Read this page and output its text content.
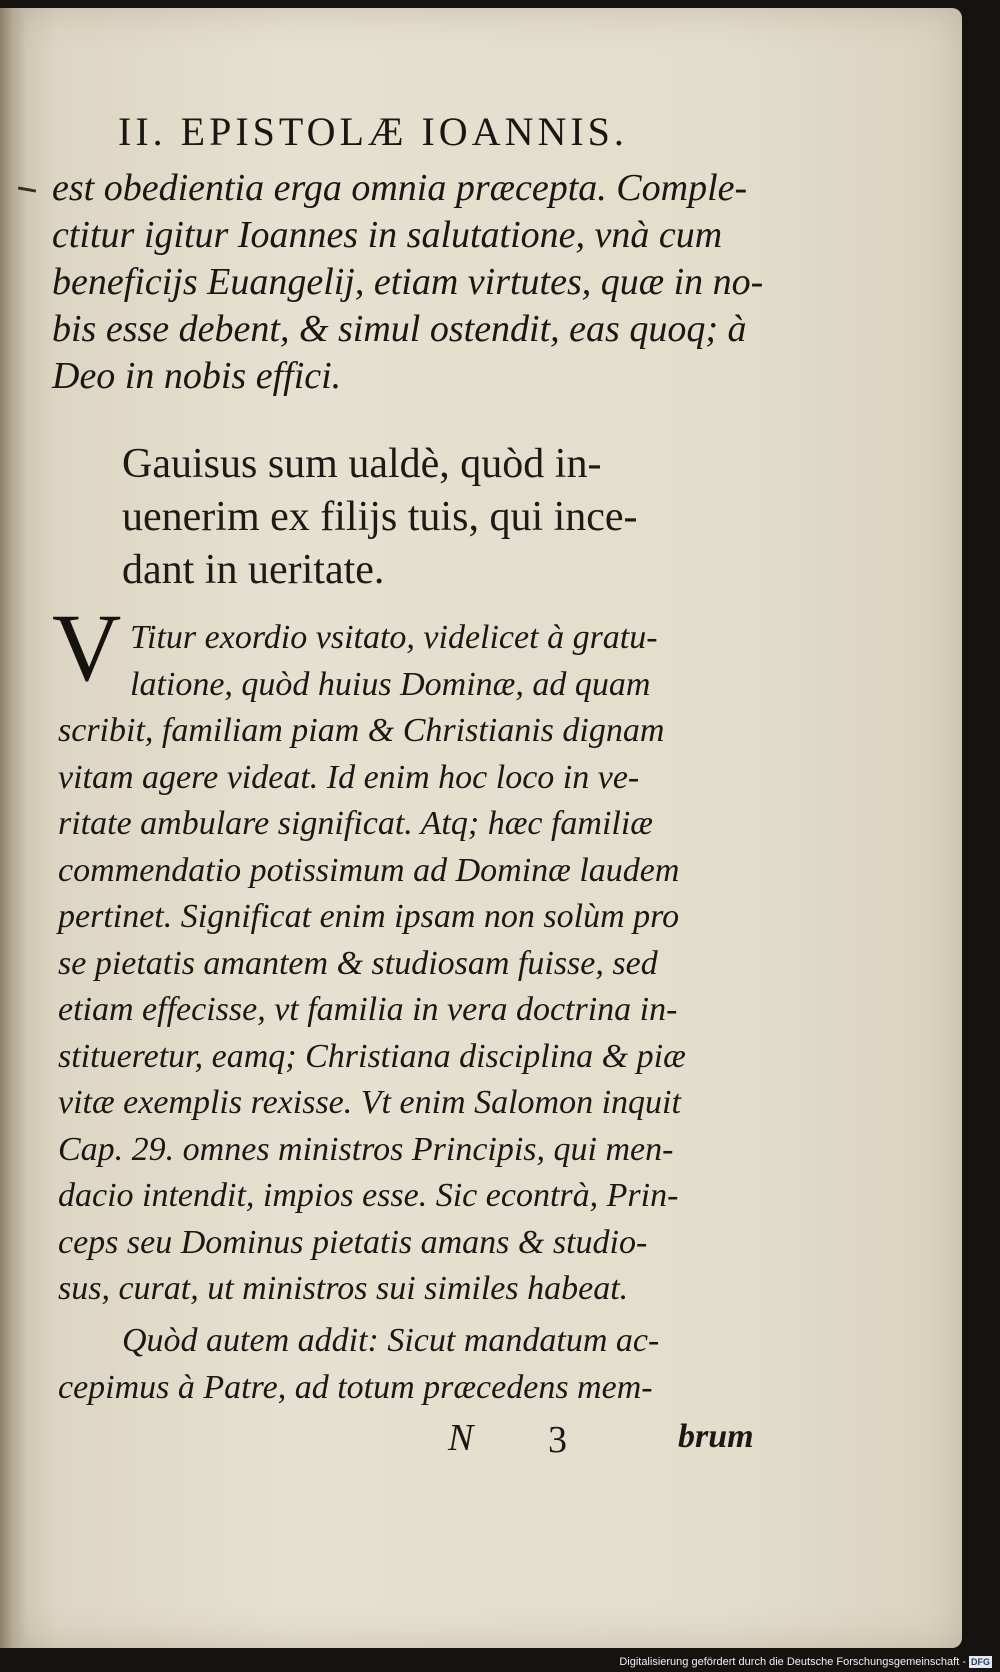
II. EPISTOLÆ IOANNIS.
est obedientia erga omnia præcepta. Comple-
ctitur igitur Ioannes in salutatione, vnà cum
beneficijs Euangelij, etiam virtutes, quæ in no-
bis esse debent, & simul ostendit, eas quoq; à
Deo in nobis effici.
Gauisus sum ualdè, quòd in-
uenerim ex filijs tuis, qui ince-
dant in ueritate.
V Titur exordio vsitato, videlicet à gratu-
latione, quòd huius Dominæ, ad quam
scribit, familiam piam & Christianis dignam
vitam agere videat. Id enim hoc loco in ve-
ritate ambulare significat. Atq; hæc familiæ
commendatio potissimum ad Dominæ laudem
pertinet. Significat enim ipsam non solùm pro
se pietatis amantem & studiosam fuisse, sed
etiam effecisse, vt familia in vera doctrina in-
stitueretur, eamq; Christiana disciplina & piæ
vitæ exemplis rexisse. Vt enim Salomon inquit
Cap. 29. omnes ministros Principis, qui men-
dacio intendit, impios esse. Sic econtrà, Prin-
ceps seu Dominus pietatis amans & studio-
sus, curat, ut ministros sui similes habeat.
Quòd autem addit: Sicut mandatum ac-
cepimus à Patre, ad totum præcedens mem-
N 3	brum
Digitalisierung gefördert durch die Deutsche Forschungsgemeinschaft - DFG
